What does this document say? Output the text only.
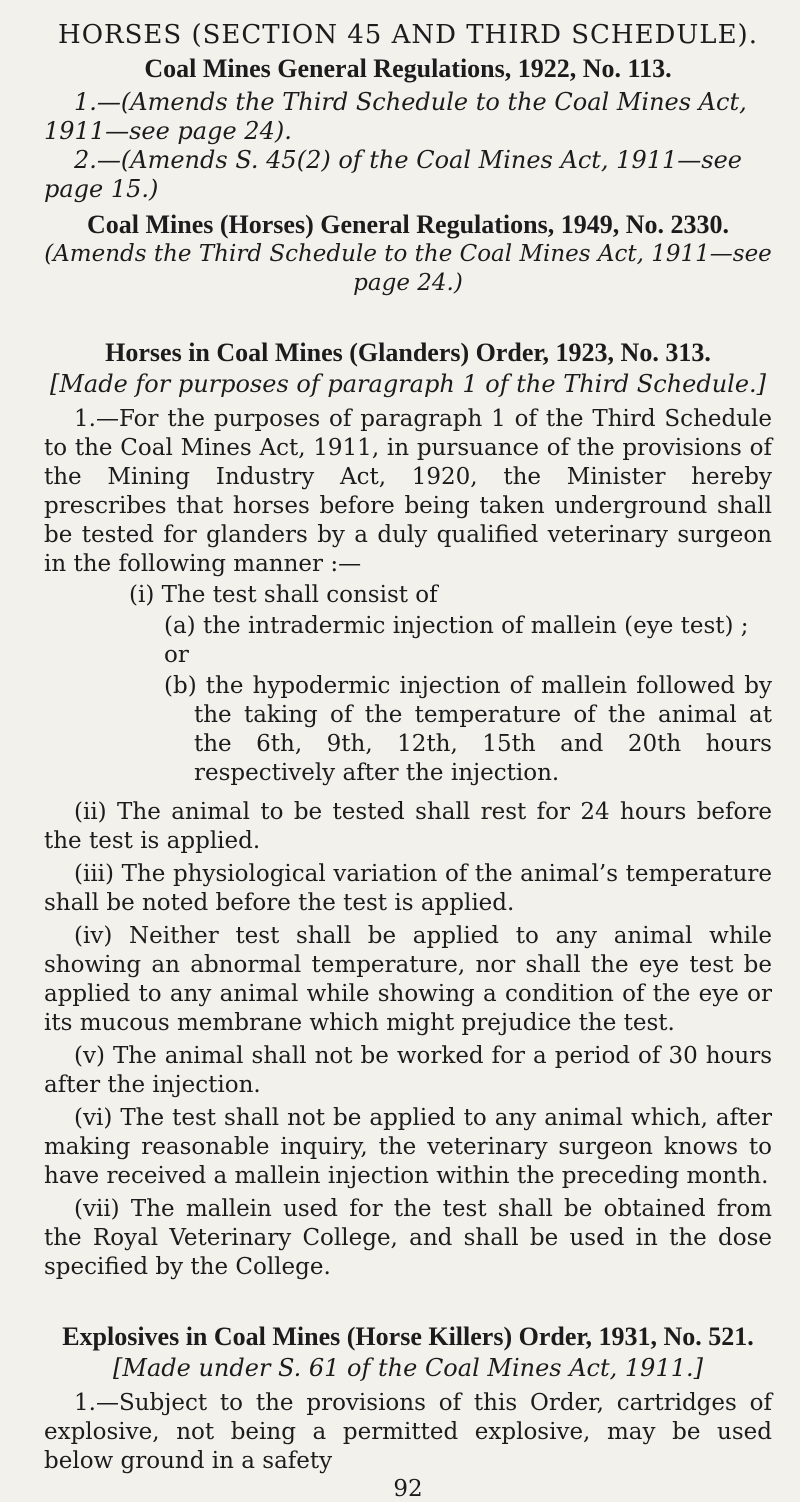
HORSES (SECTION 45 AND THIRD SCHEDULE).

Coal Mines General Regulations, 1922, No. 113.

1.—(Amends the Third Schedule to the Coal Mines Act, 1911—see page 24).

2.—(Amends S. 45(2) of the Coal Mines Act, 1911—see page 15.)

Coal Mines (Horses) General Regulations, 1949, No. 2330.

(Amends the Third Schedule to the Coal Mines Act, 1911—see page 24.)

Horses in Coal Mines (Glanders) Order, 1923, No. 313.

[Made for purposes of paragraph 1 of the Third Schedule.]

1.—For the purposes of paragraph 1 of the Third Schedule to the Coal Mines Act, 1911, in pursuance of the provisions of the Mining Industry Act, 1920, the Minister hereby prescribes that horses before being taken underground shall be tested for glanders by a duly qualified veterinary surgeon in the following manner :—

(i) The test shall consist of

(a) the intradermic injection of mallein (eye test) ; or

(b) the hypodermic injection of mallein followed by the taking of the temperature of the animal at the 6th, 9th, 12th, 15th and 20th hours respectively after the injection.

(ii) The animal to be tested shall rest for 24 hours before the test is applied.

(iii) The physiological variation of the animal’s temperature shall be noted before the test is applied.

(iv) Neither test shall be applied to any animal while showing an abnormal temperature, nor shall the eye test be applied to any animal while showing a condition of the eye or its mucous membrane which might prejudice the test.

(v) The animal shall not be worked for a period of 30 hours after the injection.

(vi) The test shall not be applied to any animal which, after making reasonable inquiry, the veterinary surgeon knows to have received a mallein injection within the preceding month.

(vii) The mallein used for the test shall be obtained from the Royal Veterinary College, and shall be used in the dose specified by the College.

Explosives in Coal Mines (Horse Killers) Order, 1931, No. 521.

[Made under S. 61 of the Coal Mines Act, 1911.]

1.—Subject to the provisions of this Order, cartridges of explosive, not being a permitted explosive, may be used below ground in a safety

92
